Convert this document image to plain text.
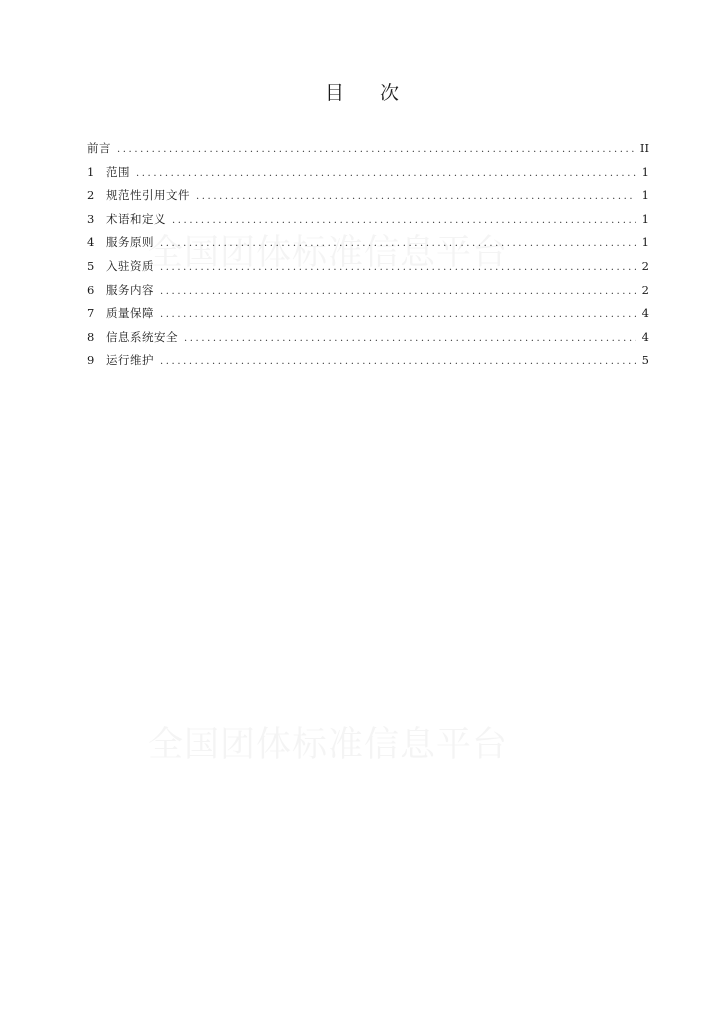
全国团体标准信息平台
全国团体标准信息平台
目 次
前言 .....	II
1	范围 .....	1
2	规范性引用文件 .....	1
3	术语和定义 .....	1
4	服务原则 .....	1
5	入驻资质 .....	2
6	服务内容 .....	2
7	质量保障 .....	4
8	信息系统安全 .....	4
9	运行维护 .....	5
